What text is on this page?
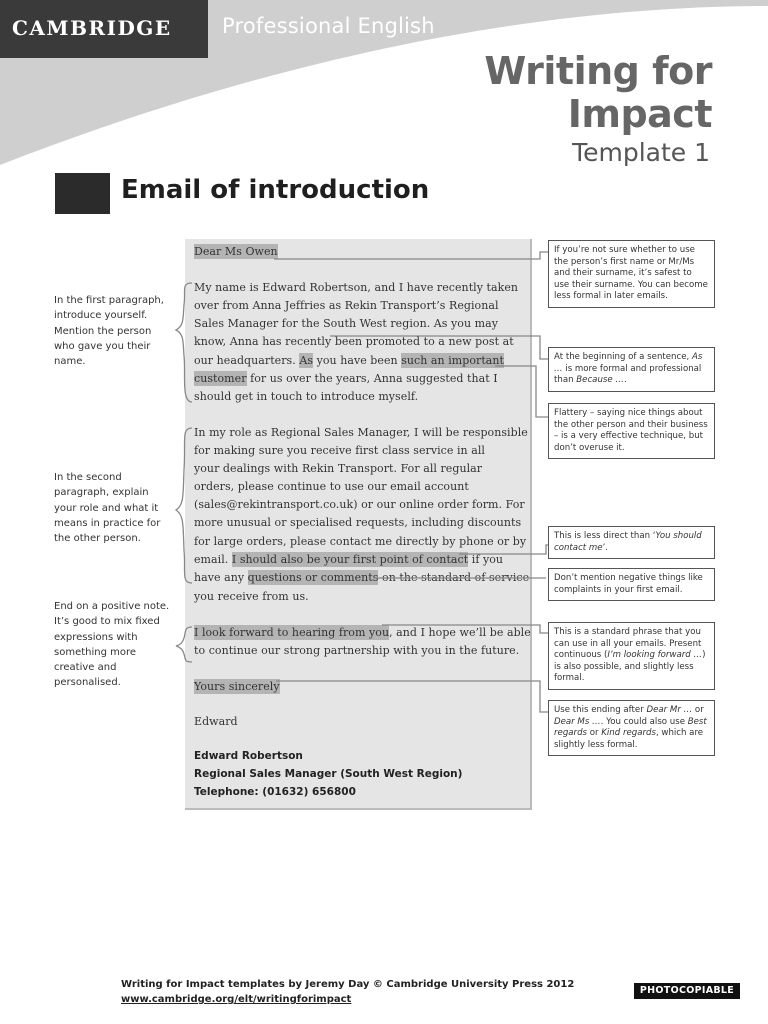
CAMBRIDGE Professional English
Writing for
Impact
Template 1
Email of introduction
Dear Ms Owen
My name is Edward Robertson, and I have recently taken
over from Anna Jeffries as Rekin Transport’s Regional
Sales Manager for the South West region. As you may
know, Anna has recently been promoted to a new post at
our headquarters. As you have been such an important
customer for us over the years, Anna suggested that I
should get in touch to introduce myself.
In my role as Regional Sales Manager, I will be responsible
for making sure you receive first class service in all
your dealings with Rekin Transport. For all regular
orders, please continue to use our email account
(sales@rekintransport.co.uk) or our online order form. For
more unusual or specialised requests, including discounts
for large orders, please contact me directly by phone or by
email. I should also be your first point of contact if you
have any questions or comments on the standard of service
you receive from us.
I look forward to hearing from you, and I hope we’ll be able
to continue our strong partnership with you in the future.
Yours sincerely
Edward
Edward Robertson
Regional Sales Manager (South West Region)
Telephone: (01632) 656800
In the first paragraph, introduce yourself. Mention the person who gave you their name.
In the second paragraph, explain your role and what it means in practice for the other person.
End on a positive note. It’s good to mix fixed expressions with something more creative and personalised.
If you’re not sure whether to use the person’s first name or Mr/Ms and their surname, it’s safest to use their surname. You can become less formal in later emails.
At the beginning of a sentence, As … is more formal and professional than Because ….
Flattery – saying nice things about the other person and their business – is a very effective technique, but don’t overuse it.
This is less direct than ‘You should contact me’.
Don’t mention negative things like complaints in your first email.
This is a standard phrase that you can use in all your emails. Present continuous (I’m looking forward …) is also possible, and slightly less formal.
Use this ending after Dear Mr … or Dear Ms …. You could also use Best regards or Kind regards, which are slightly less formal.
Writing for Impact templates by Jeremy Day © Cambridge University Press 2012
www.cambridge.org/elt/writingforimpact
PHOTOCOPIABLE
